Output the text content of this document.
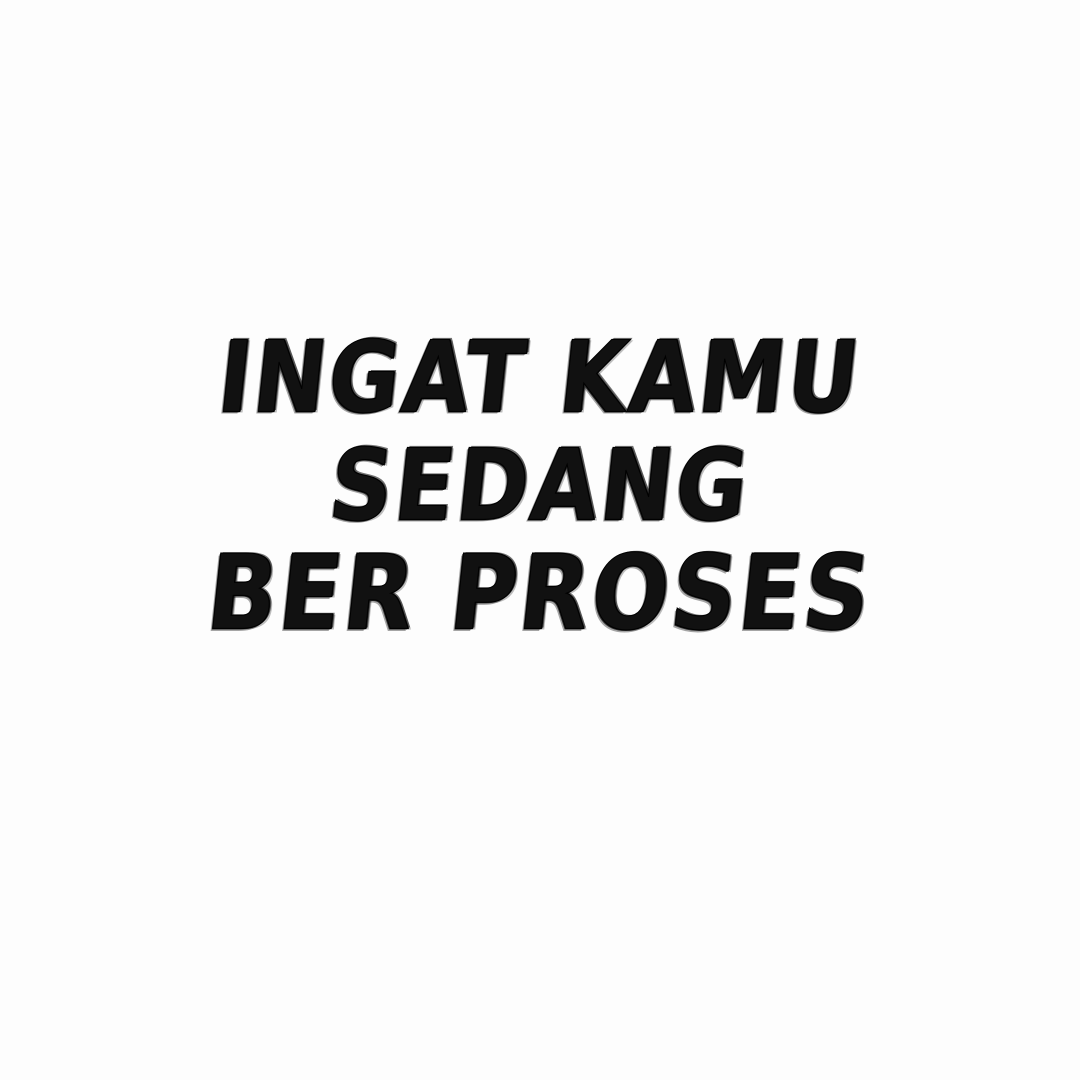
INGAT KAMU
SEDANG
BER PROSES
